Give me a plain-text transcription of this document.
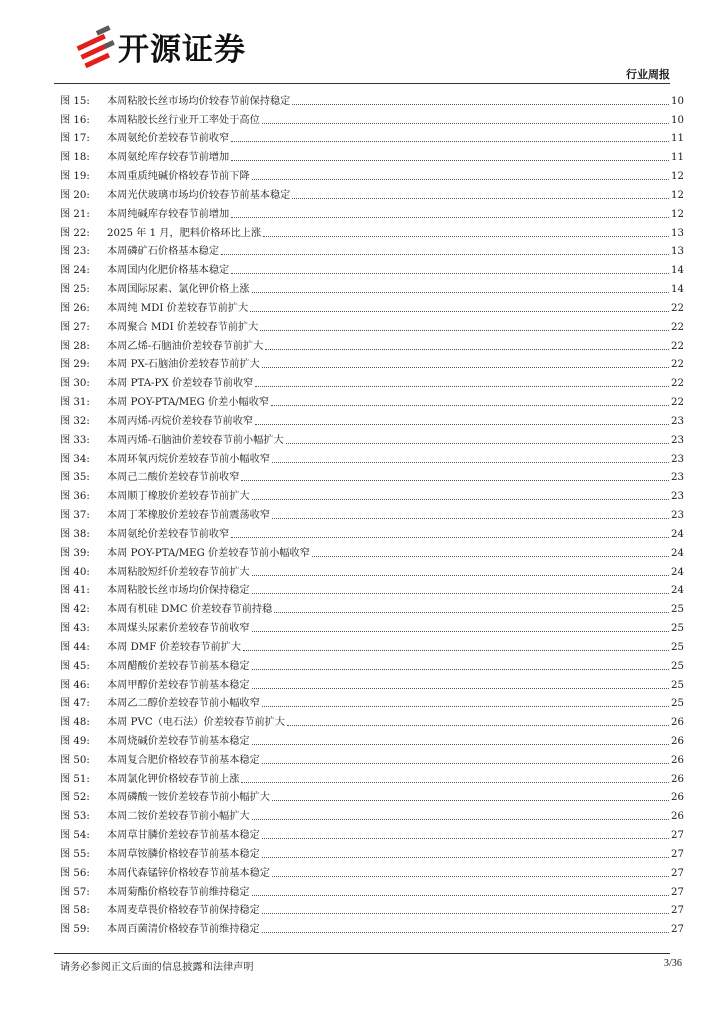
开源证券
行业周报
图 15:	本周粘胶长丝市场均价较春节前保持稳定	10
图 16:	本周粘胶长丝行业开工率处于高位	10
图 17:	本周氨纶价差较春节前收窄	11
图 18:	本周氨纶库存较春节前增加	11
图 19:	本周重质纯碱价格较春节前下降	12
图 20:	本周光伏玻璃市场均价较春节前基本稳定	12
图 21:	本周纯碱库存较春节前增加	12
图 22:	2025 年 1 月，肥料价格环比上涨	13
图 23:	本周磷矿石价格基本稳定	13
图 24:	本周国内化肥价格基本稳定	14
图 25:	本周国际尿素、氯化钾价格上涨	14
图 26:	本周纯 MDI 价差较春节前扩大	22
图 27:	本周聚合 MDI 价差较春节前扩大	22
图 28:	本周乙烯-石脑油价差较春节前扩大	22
图 29:	本周 PX-石脑油价差较春节前扩大	22
图 30:	本周 PTA-PX 价差较春节前收窄	22
图 31:	本周 POY-PTA/MEG 价差小幅收窄	22
图 32:	本周丙烯-丙烷价差较春节前收窄	23
图 33:	本周丙烯-石脑油价差较春节前小幅扩大	23
图 34:	本周环氧丙烷价差较春节前小幅收窄	23
图 35:	本周己二酸价差较春节前收窄	23
图 36:	本周顺丁橡胶价差较春节前扩大	23
图 37:	本周丁苯橡胶价差较春节前震荡收窄	23
图 38:	本周氨纶价差较春节前收窄	24
图 39:	本周 POY-PTA/MEG 价差较春节前小幅收窄	24
图 40:	本周粘胶短纤价差较春节前扩大	24
图 41:	本周粘胶长丝市场均价保持稳定	24
图 42:	本周有机硅 DMC 价差较春节前持稳	25
图 43:	本周煤头尿素价差较春节前收窄	25
图 44:	本周 DMF 价差较春节前扩大	25
图 45:	本周醋酸价差较春节前基本稳定	25
图 46:	本周甲醇价差较春节前基本稳定	25
图 47:	本周乙二醇价差较春节前小幅收窄	25
图 48:	本周 PVC（电石法）价差较春节前扩大	26
图 49:	本周烧碱价差较春节前基本稳定	26
图 50:	本周复合肥价格较春节前基本稳定	26
图 51:	本周氯化钾价格较春节前上涨	26
图 52:	本周磷酸一铵价差较春节前小幅扩大	26
图 53:	本周二铵价差较春节前小幅扩大	26
图 54:	本周草甘膦价差较春节前基本稳定	27
图 55:	本周草铵膦价格较春节前基本稳定	27
图 56:	本周代森锰锌价格较春节前基本稳定	27
图 57:	本周菊酯价格较春节前维持稳定	27
图 58:	本周麦草畏价格较春节前保持稳定	27
图 59:	本周百菌清价格较春节前维持稳定	27
请务必参阅正文后面的信息披露和法律声明	3/36
